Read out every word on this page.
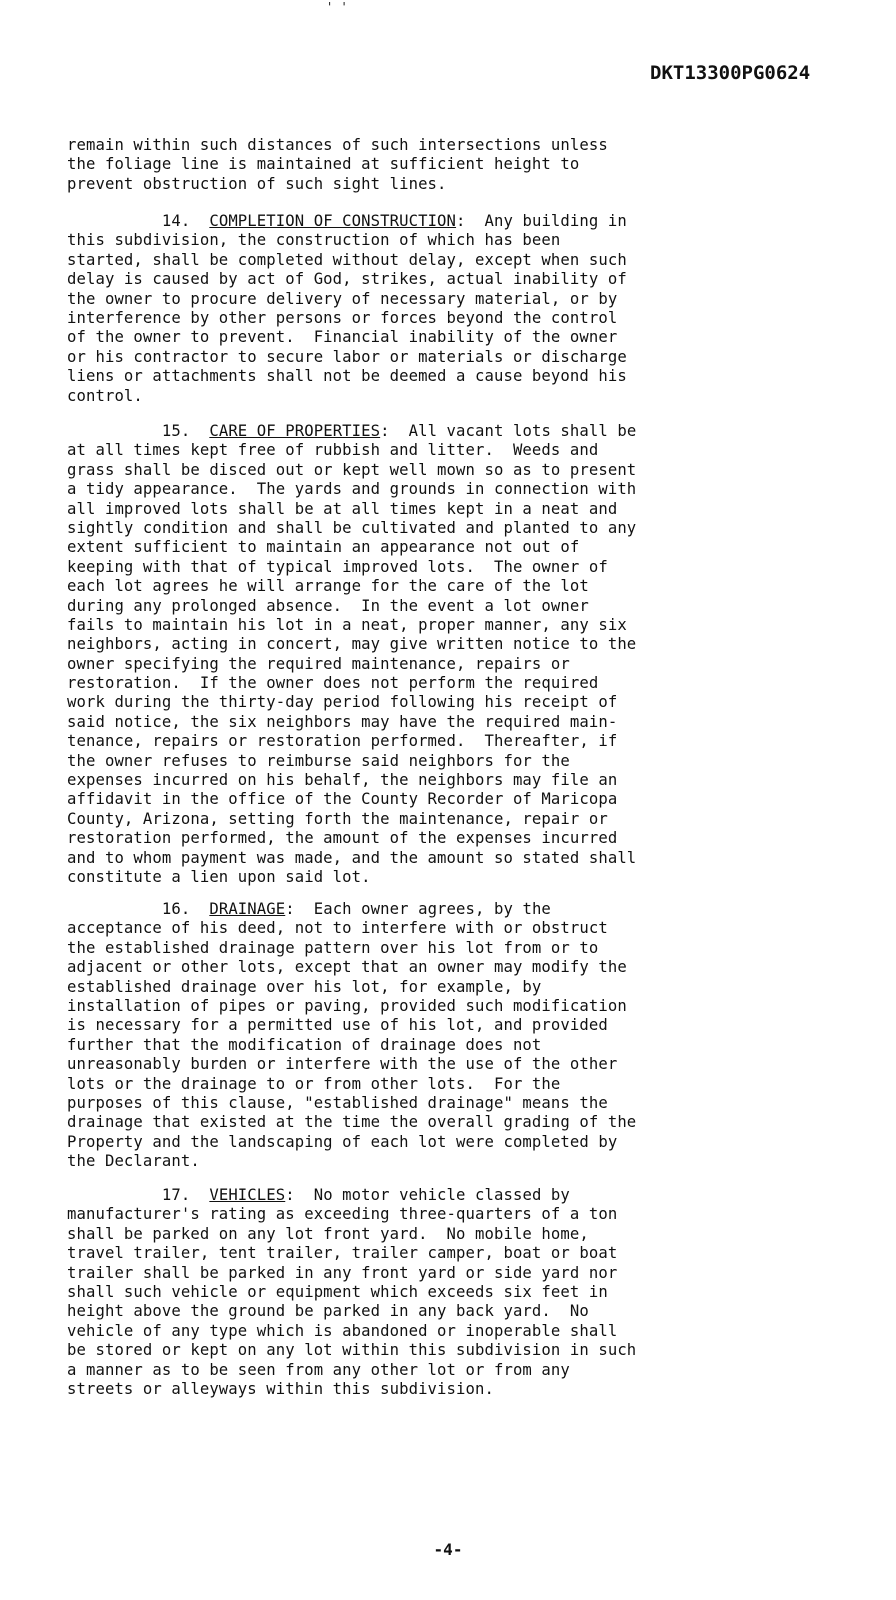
' '
DKT13300PG0624
remain within such distances of such intersections unless
the foliage line is maintained at sufficient height to
prevent obstruction of such sight lines.
14. COMPLETION OF CONSTRUCTION:  Any building in
this subdivision, the construction of which has been
started, shall be completed without delay, except when such
delay is caused by act of God, strikes, actual inability of
the owner to procure delivery of necessary material, or by
interference by other persons or forces beyond the control
of the owner to prevent.  Financial inability of the owner
or his contractor to secure labor or materials or discharge
liens or attachments shall not be deemed a cause beyond his
control.
15. CARE OF PROPERTIES:  All vacant lots shall be
at all times kept free of rubbish and litter.  Weeds and
grass shall be disced out or kept well mown so as to present
a tidy appearance.  The yards and grounds in connection with
all improved lots shall be at all times kept in a neat and
sightly condition and shall be cultivated and planted to any
extent sufficient to maintain an appearance not out of
keeping with that of typical improved lots.  The owner of
each lot agrees he will arrange for the care of the lot
during any prolonged absence.  In the event a lot owner
fails to maintain his lot in a neat, proper manner, any six
neighbors, acting in concert, may give written notice to the
owner specifying the required maintenance, repairs or
restoration.  If the owner does not perform the required
work during the thirty-day period following his receipt of
said notice, the six neighbors may have the required main-
tenance, repairs or restoration performed.  Thereafter, if
the owner refuses to reimburse said neighbors for the
expenses incurred on his behalf, the neighbors may file an
affidavit in the office of the County Recorder of Maricopa
County, Arizona, setting forth the maintenance, repair or
restoration performed, the amount of the expenses incurred
and to whom payment was made, and the amount so stated shall
constitute a lien upon said lot.
16. DRAINAGE:  Each owner agrees, by the
acceptance of his deed, not to interfere with or obstruct
the established drainage pattern over his lot from or to
adjacent or other lots, except that an owner may modify the
established drainage over his lot, for example, by
installation of pipes or paving, provided such modification
is necessary for a permitted use of his lot, and provided
further that the modification of drainage does not
unreasonably burden or interfere with the use of the other
lots or the drainage to or from other lots.  For the
purposes of this clause, "established drainage" means the
drainage that existed at the time the overall grading of the
Property and the landscaping of each lot were completed by
the Declarant.
17. VEHICLES:  No motor vehicle classed by
manufacturer's rating as exceeding three-quarters of a ton
shall be parked on any lot front yard.  No mobile home,
travel trailer, tent trailer, trailer camper, boat or boat
trailer shall be parked in any front yard or side yard nor
shall such vehicle or equipment which exceeds six feet in
height above the ground be parked in any back yard.  No
vehicle of any type which is abandoned or inoperable shall
be stored or kept on any lot within this subdivision in such
a manner as to be seen from any other lot or from any
streets or alleyways within this subdivision.
-4-
